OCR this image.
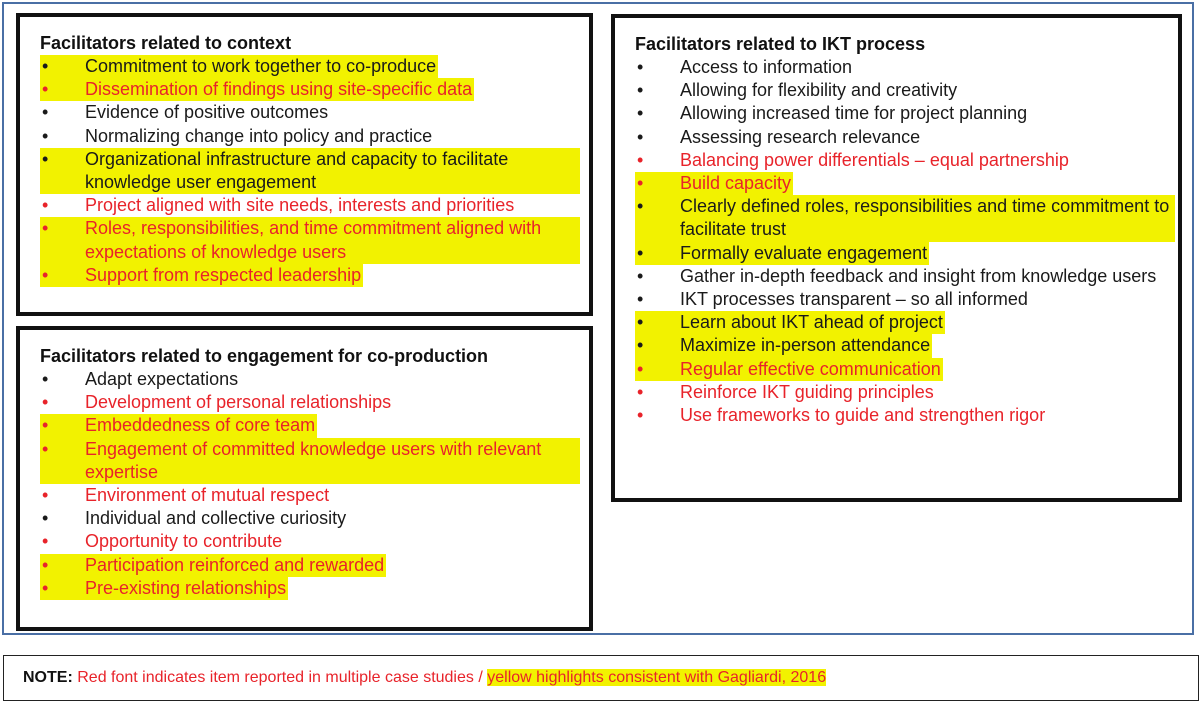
Facilitators related to context
• Commitment to work together to co-produce
• Dissemination of findings using site-specific data
• Evidence of positive outcomes
• Normalizing change into policy and practice
• Organizational infrastructure and capacity to facilitate knowledge user engagement
• Project aligned with site needs, interests and priorities
• Roles, responsibilities, and time commitment aligned with expectations of knowledge users
• Support from respected leadership
Facilitators related to engagement for co-production
• Adapt expectations
• Development of personal relationships
• Embeddedness of core team
• Engagement of committed knowledge users with relevant expertise
• Environment of mutual respect
• Individual and collective curiosity
• Opportunity to contribute
• Participation reinforced and rewarded
• Pre-existing relationships
Facilitators related to IKT process
• Access to information
• Allowing for flexibility and creativity
• Allowing increased time for project planning
• Assessing research relevance
• Balancing power differentials – equal partnership
• Build capacity
• Clearly defined roles, responsibilities and time commitment to facilitate trust
• Formally evaluate engagement
• Gather in-depth feedback and insight from knowledge users
• IKT processes transparent – so all informed
• Learn about IKT ahead of project
• Maximize in-person attendance
• Regular effective communication
• Reinforce IKT guiding principles
• Use frameworks to guide and strengthen rigor
NOTE: Red font indicates item reported in multiple case studies / yellow highlights consistent with Gagliardi, 2016
